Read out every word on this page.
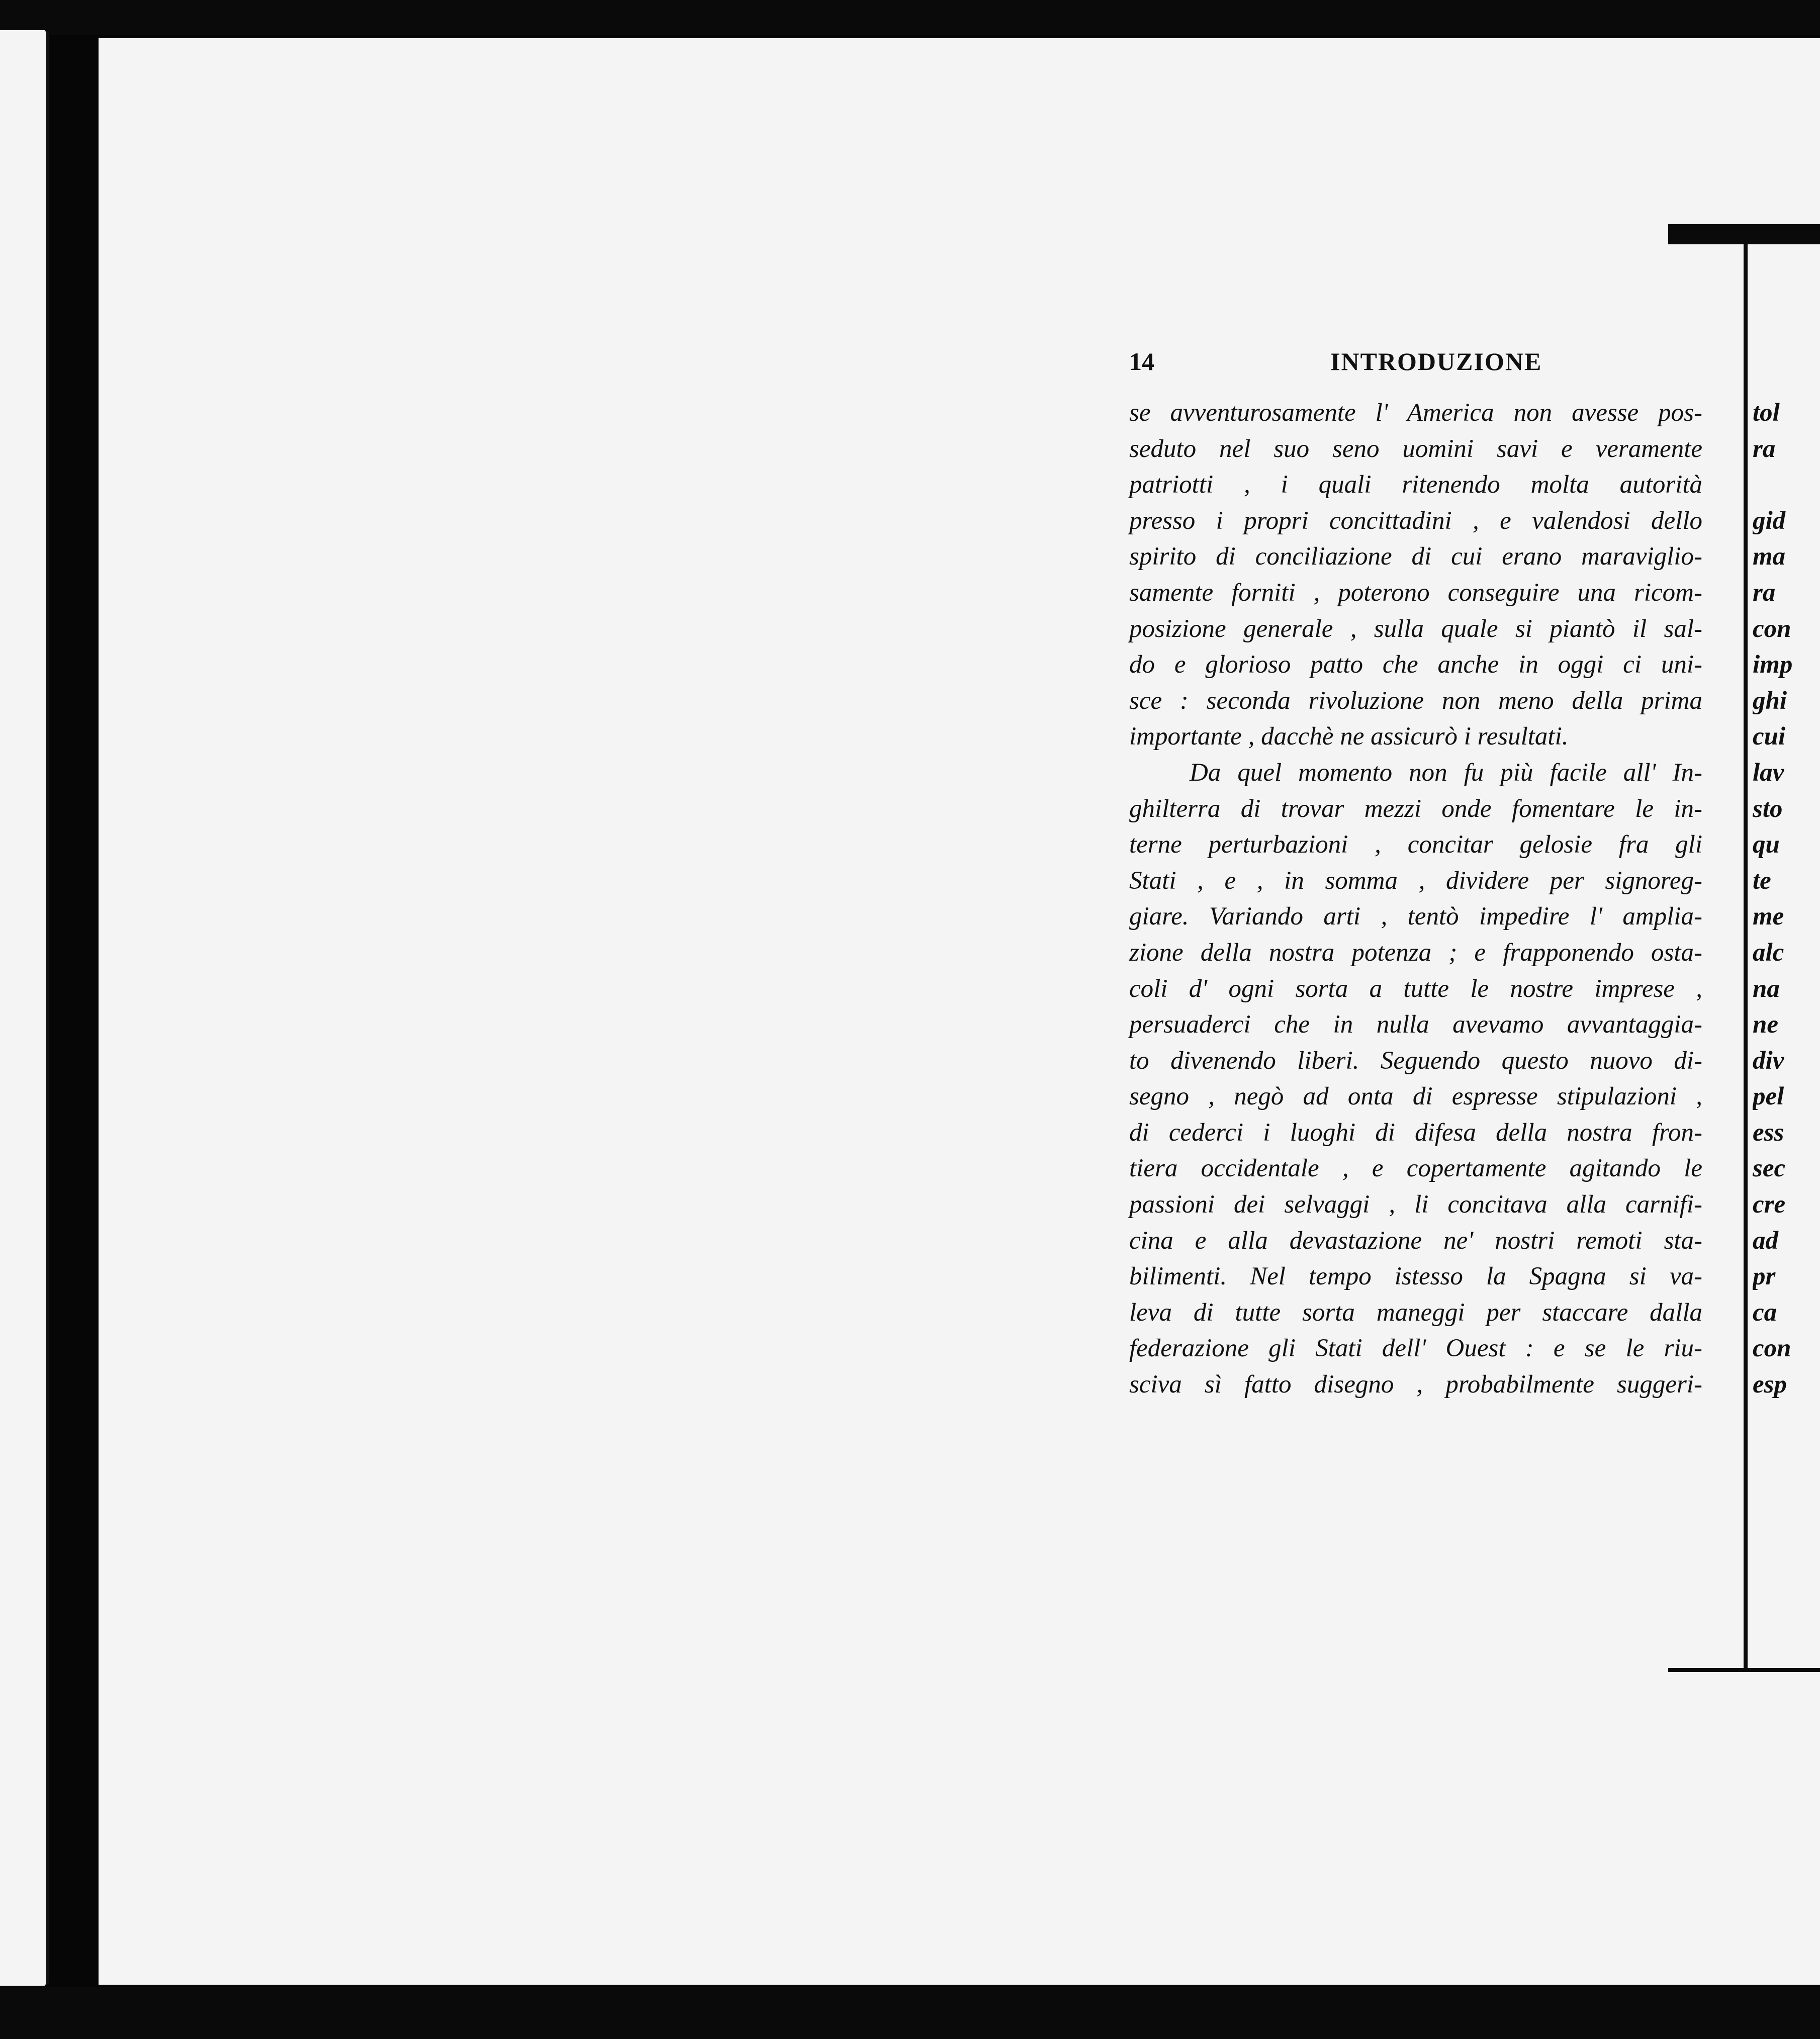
14	INTRODUZIONE
se avventurosamente l' America non avesse pos-
seduto nel suo seno uomini savi e veramente
patriotti , i quali ritenendo molta autorità
presso i propri concittadini , e valendosi dello
spirito di conciliazione di cui erano maraviglio-
samente forniti , poterono conseguire una ricom-
posizione generale , sulla quale si piantò il sal-
do e glorioso patto che anche in oggi ci uni-
sce : seconda rivoluzione non meno della prima
importante , dacchè ne assicurò i resultati.
Da quel momento non fu più facile all' In-
ghilterra di trovar mezzi onde fomentare le in-
terne perturbazioni , concitar gelosie fra gli
Stati , e , in somma , dividere per signoreg-
giare. Variando arti , tentò impedire l' amplia-
zione della nostra potenza ; e frapponendo osta-
coli d' ogni sorta a tutte le nostre imprese ,
persuaderci che in nulla avevamo avvantaggia-
to divenendo liberi. Seguendo questo nuovo di-
segno , negò ad onta di espresse stipulazioni ,
di cederci i luoghi di difesa della nostra fron-
tiera occidentale , e copertamente agitando le
passioni dei selvaggi , li concitava alla carnifi-
cina e alla devastazione ne' nostri remoti sta-
bilimenti. Nel tempo istesso la Spagna si va-
leva di tutte sorta maneggi per staccare dalla
federazione gli Stati dell' Ouest : e se le riu-
sciva sì fatto disegno , probabilmente suggeri-
tol
ra
gid
ma
ra
con
imp
ghi
cui
lav
sto
qu
te
me
alc
na
ne
div
pel
ess
sec
cre
ad
pr
ca
con
esp
